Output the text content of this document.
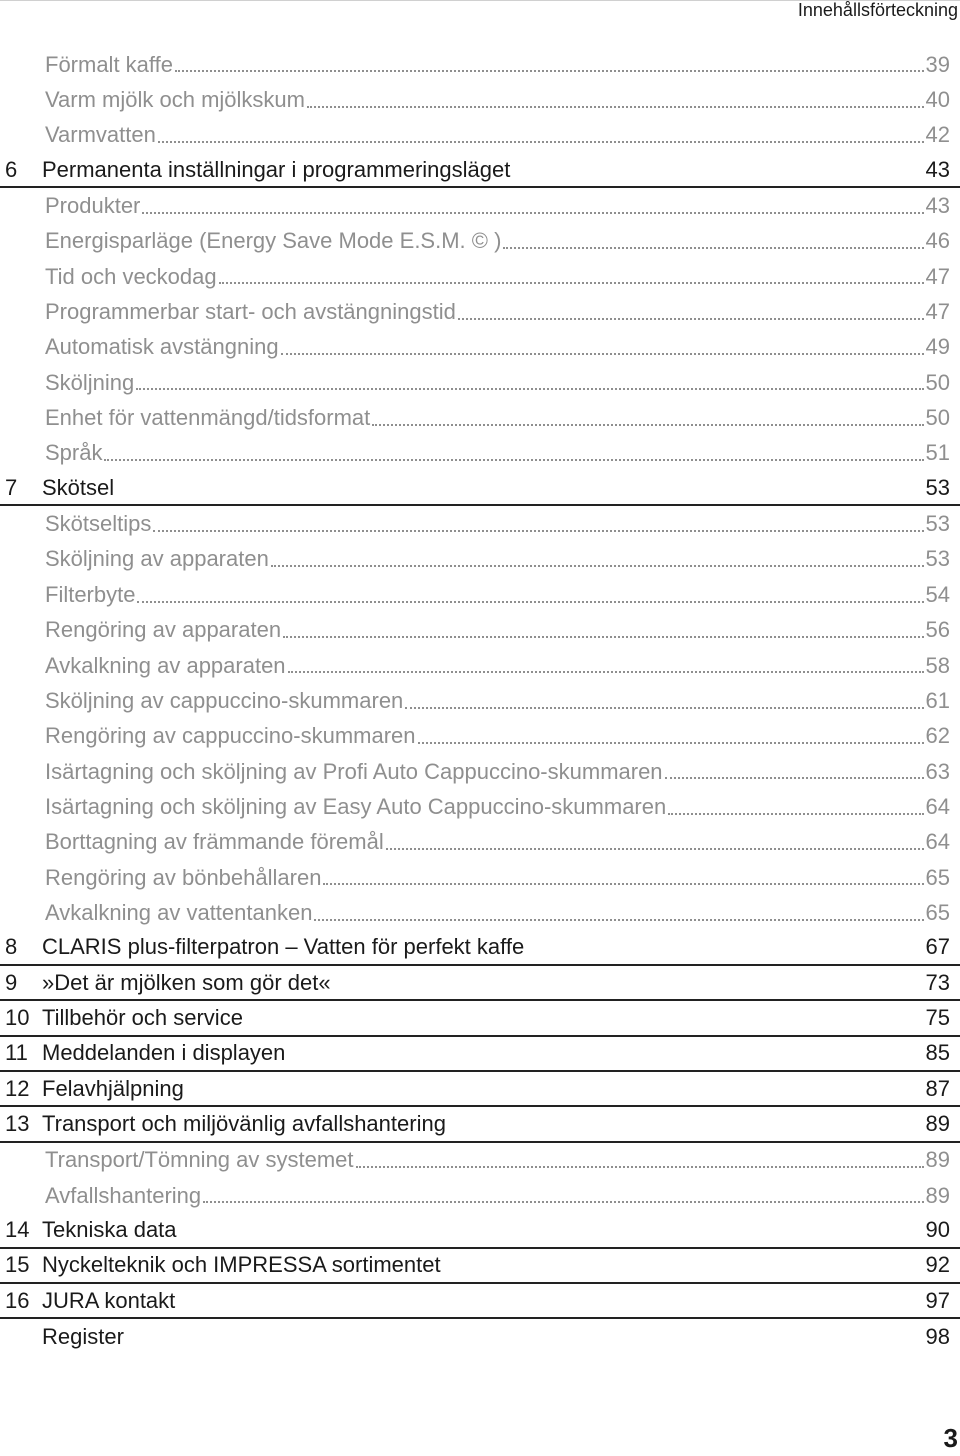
Innehållsförteckning
Förmalt kaffe	39
Varm mjölk och mjölkskum	40
Varmvatten	42
6	Permanenta inställningar i programmeringsläget	43
Produkter	43
Energisparläge (Energy Save Mode E.S.M. © )	46
Tid och veckodag	47
Programmerbar start- och avstängningstid	47
Automatisk avstängning	49
Sköljning	50
Enhet för vattenmängd/tidsformat	50
Språk	51
7	Skötsel	53
Skötseltips	53
Sköljning av apparaten	53
Filterbyte	54
Rengöring av apparaten	56
Avkalkning av apparaten	58
Sköljning av cappuccino-skummaren	61
Rengöring av cappuccino-skummaren	62
Isärtagning och sköljning av Profi Auto Cappuccino-skummaren	63
Isärtagning och sköljning av Easy Auto Cappuccino-skummaren	64
Borttagning av främmande föremål	64
Rengöring av bönbehållaren	65
Avkalkning av vattentanken	65
8	CLARIS plus-filterpatron – Vatten för perfekt kaffe	67
9	»Det är mjölken som gör det«	73
10 Tillbehör och service	75
11 Meddelanden i displayen	85
12 Felavhjälpning	87
13 Transport och miljövänlig avfallshantering	89
Transport/Tömning av systemet	89
Avfallshantering	89
14 Tekniska data	90
15 Nyckelteknik och IMPRESSA sortimentet	92
16 JURA kontakt	97
Register	98
3
